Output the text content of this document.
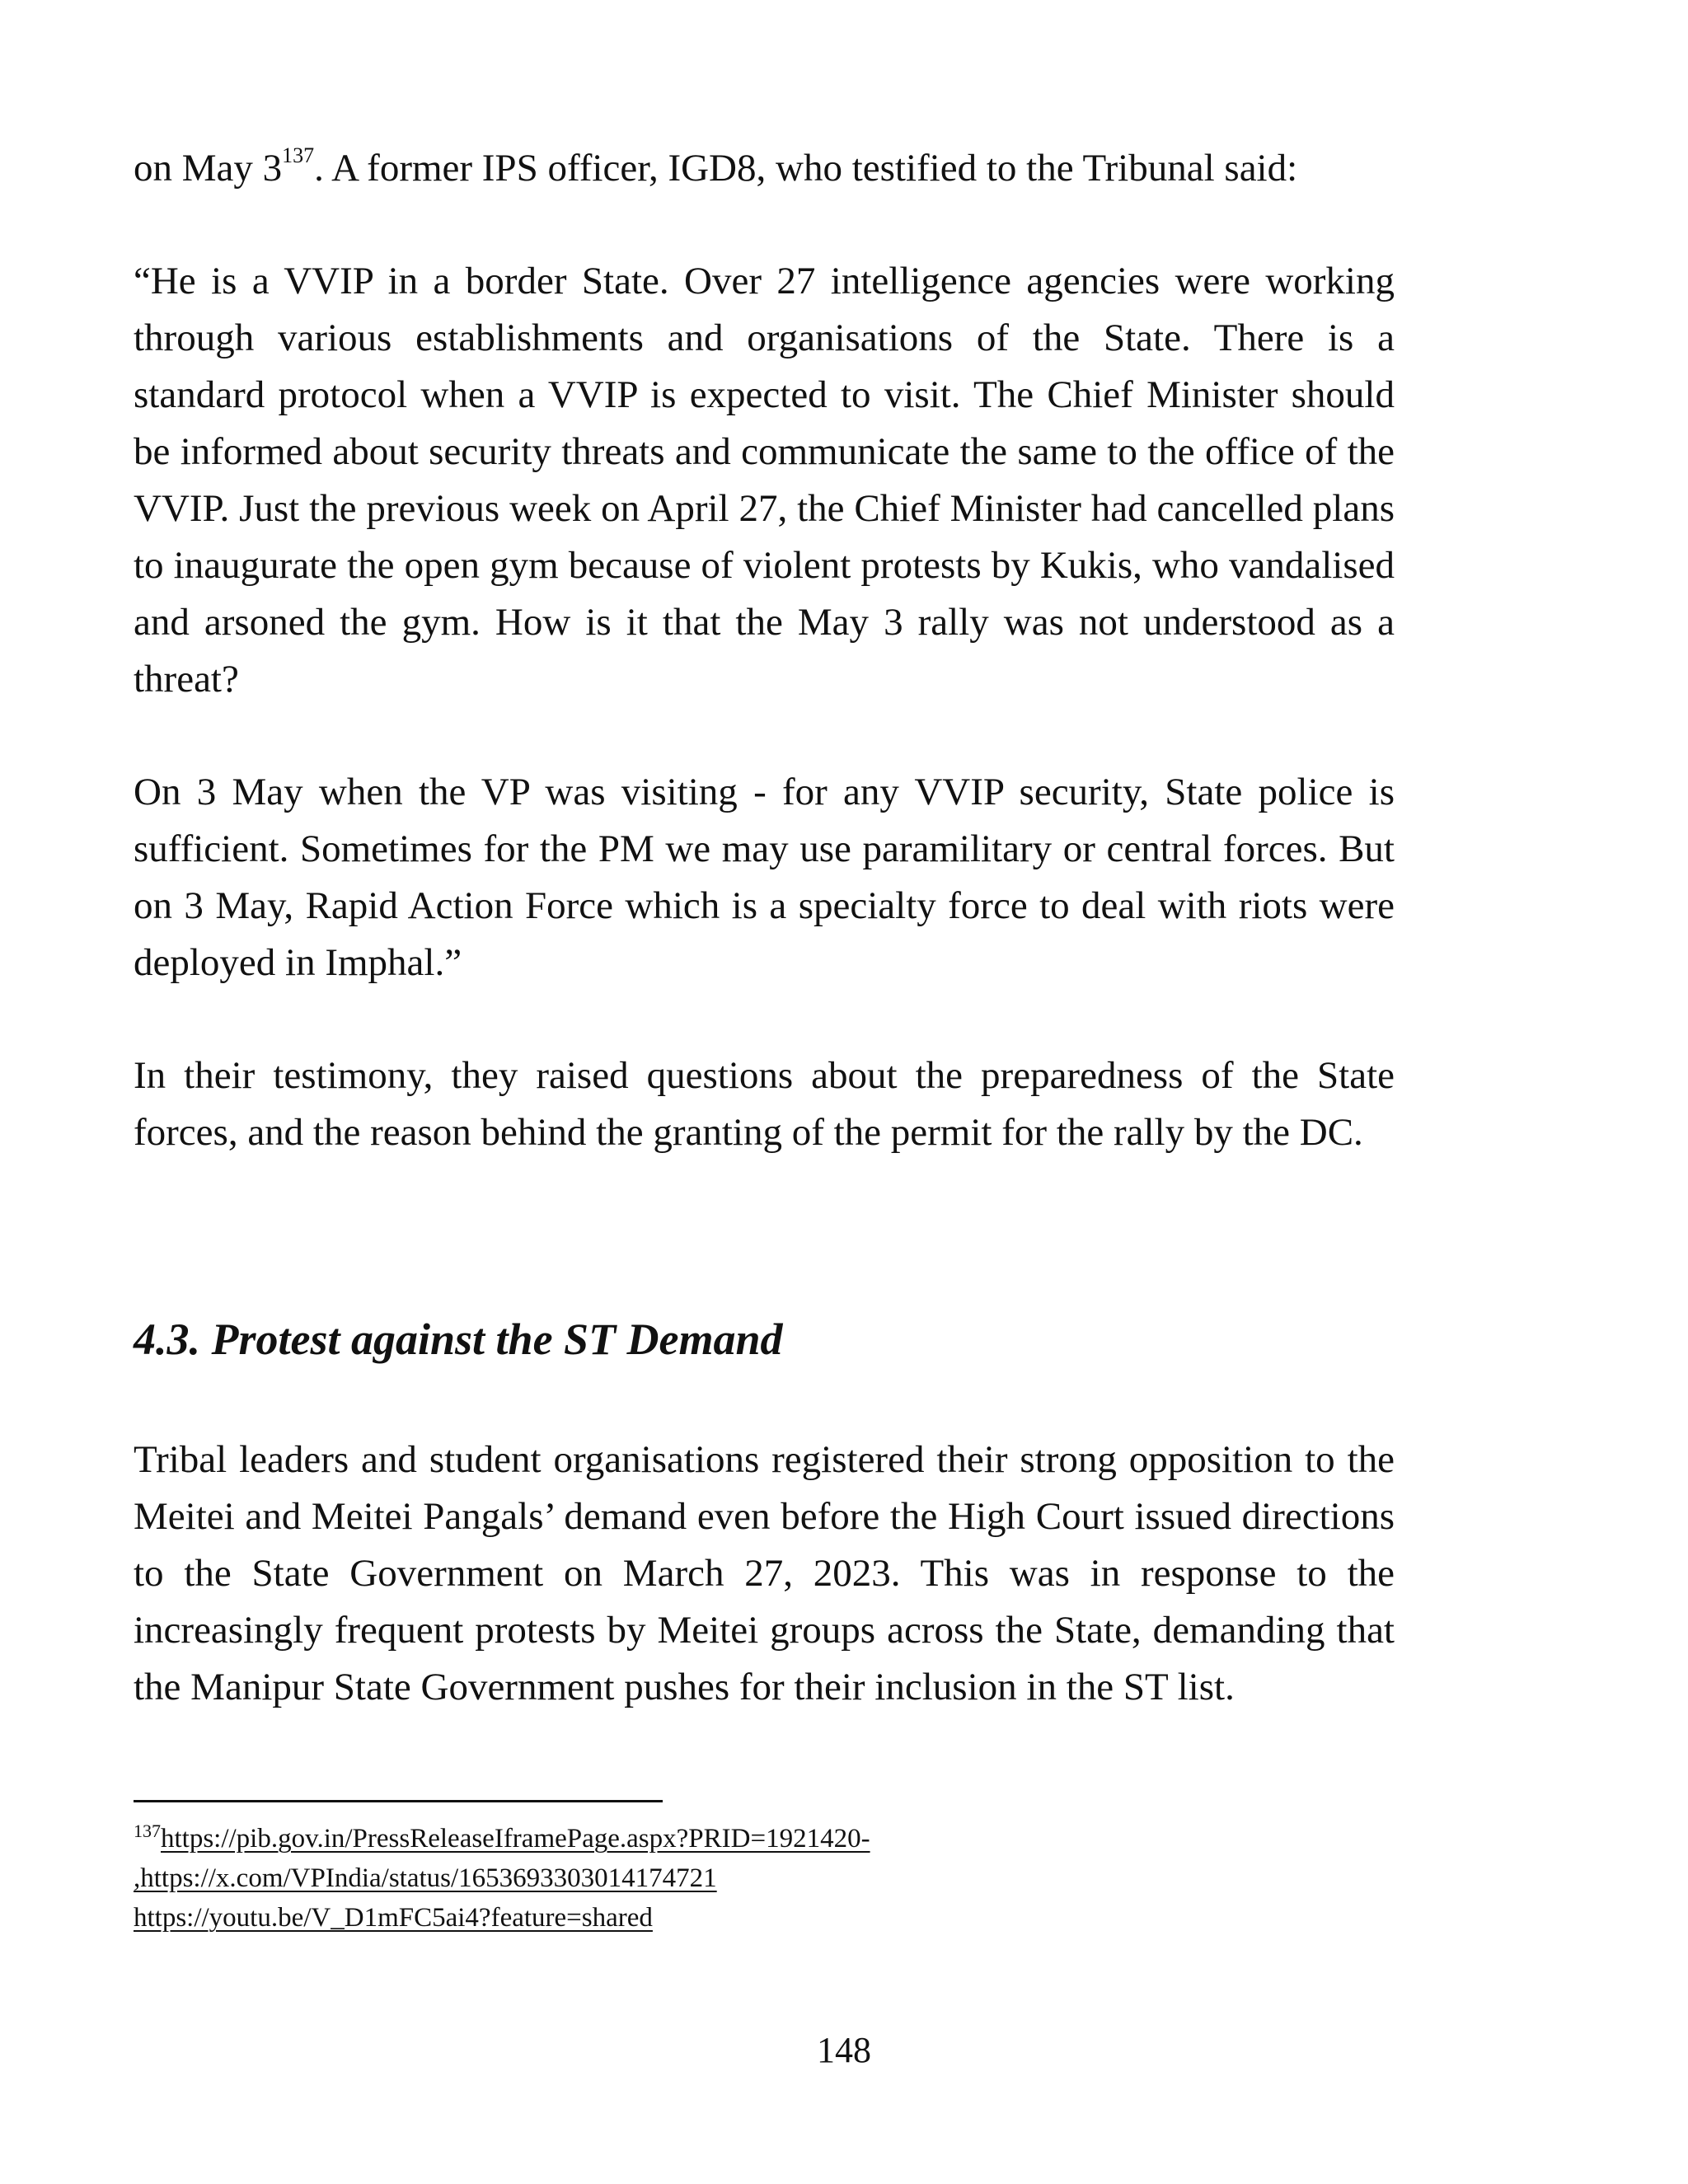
on May 3$^{137}$. A former IPS officer, IGD8, who testified to the Tribunal said:

“He is a VVIP in a border State. Over 27 intelligence agencies were working through various establishments and organisations of the State. There is a standard protocol when a VVIP is expected to visit. The Chief Minister should be informed about security threats and communicate the same to the office of the VVIP. Just the previous week on April 27, the Chief Minister had cancelled plans to inaugurate the open gym because of violent protests by Kukis, who vandalised and arsoned the gym. How is it that the May 3 rally was not understood as a threat?

On 3 May when the VP was visiting - for any VVIP security, State police is sufficient. Sometimes for the PM we may use paramilitary or central forces. But on 3 May, Rapid Action Force which is a specialty force to deal with riots were deployed in Imphal.”

In their testimony, they raised questions about the preparedness of the State forces, and the reason behind the granting of the permit for the rally by the DC.

4.3. Protest against the ST Demand

Tribal leaders and student organisations registered their strong opposition to the Meitei and Meitei Pangals’ demand even before the High Court issued directions to the State Government on March 27, 2023. This was in response to the increasingly frequent protests by Meitei groups across the State, demanding that the Manipur State Government pushes for their inclusion in the ST list.

$^{137}$https://pib.gov.in/PressReleaseIframePage.aspx?PRID=1921420-
,https://x.com/VPIndia/status/1653693303014174721
https://youtu.be/V_D1mFC5ai4?feature=shared
148
